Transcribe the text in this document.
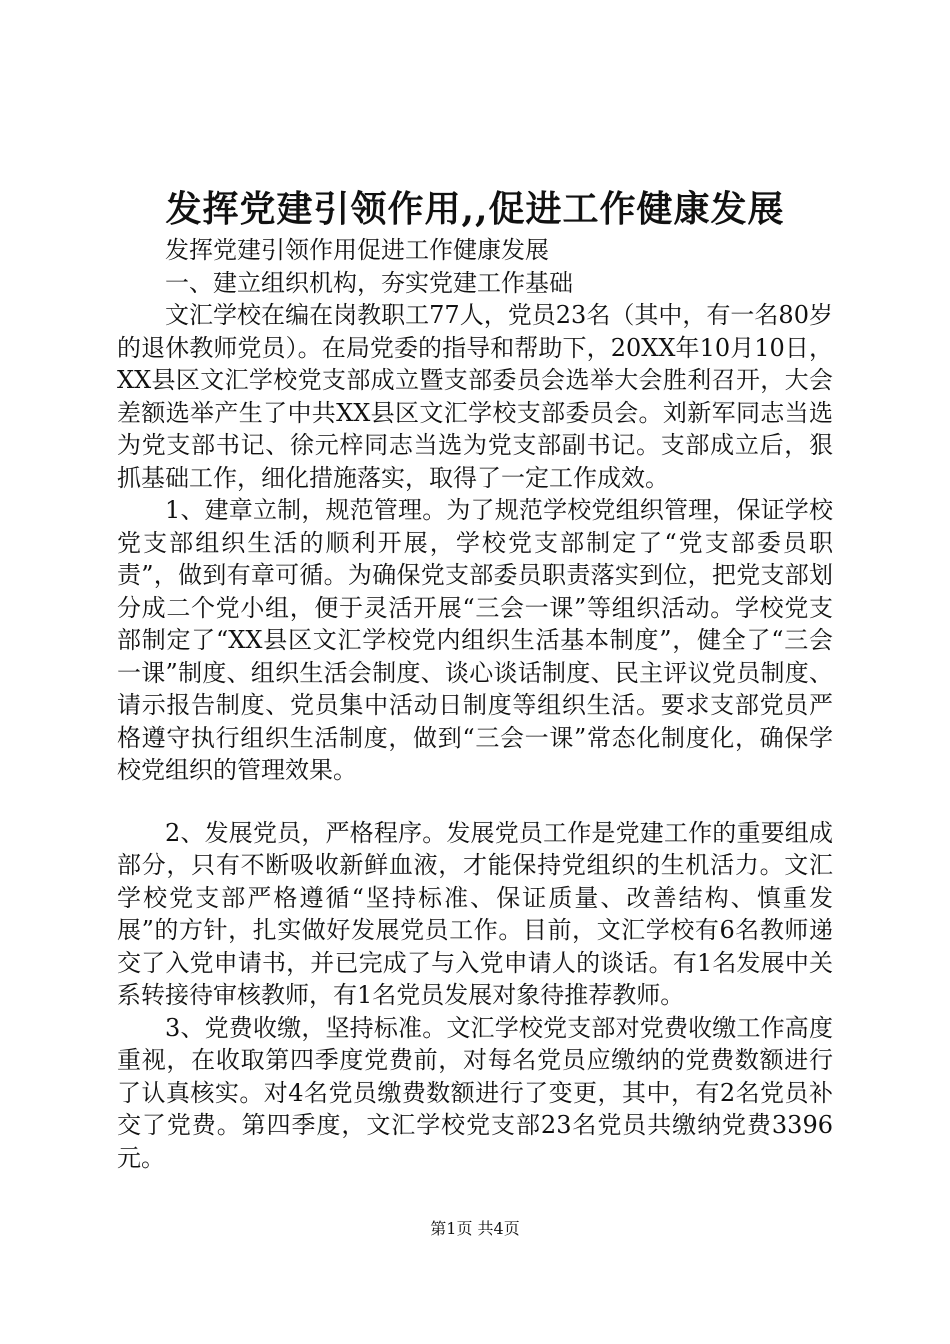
发挥党建引领作用,,促进工作健康发展

发挥党建引领作用促进工作健康发展

一、建立组织机构，夯实党建工作基础

文汇学校在编在岗教职工77人，党员23名（其中，有一名80岁的退休教师党员）。在局党委的指导和帮助下，20XX年10月10日，XX县区文汇学校党支部成立暨支部委员会选举大会胜利召开，大会差额选举产生了中共XX县区文汇学校支部委员会。刘新军同志当选为党支部书记、徐元梓同志当选为党支部副书记。支部成立后，狠抓基础工作，细化措施落实，取得了一定工作成效。

1、建章立制，规范管理。为了规范学校党组织管理，保证学校党支部组织生活的顺利开展，学校党支部制定了“党支部委员职责”，做到有章可循。为确保党支部委员职责落实到位，把党支部划分成二个党小组，便于灵活开展“三会一课”等组织活动。学校党支部制定了“XX县区文汇学校党内组织生活基本制度”，健全了“三会一课”制度、组织生活会制度、谈心谈话制度、民主评议党员制度、请示报告制度、党员集中活动日制度等组织生活。要求支部党员严格遵守执行组织生活制度，做到“三会一课”常态化制度化，确保学校党组织的管理效果。

2、发展党员，严格程序。发展党员工作是党建工作的重要组成部分，只有不断吸收新鲜血液，才能保持党组织的生机活力。文汇学校党支部严格遵循“坚持标准、保证质量、改善结构、慎重发展”的方针，扎实做好发展党员工作。目前，文汇学校有6名教师递交了入党申请书，并已完成了与入党申请人的谈话。有1名发展中关系转接待审核教师，有1名党员发展对象待推荐教师。

3、党费收缴，坚持标准。文汇学校党支部对党费收缴工作高度重视，在收取第四季度党费前，对每名党员应缴纳的党费数额进行了认真核实。对4名党员缴费数额进行了变更，其中，有2名党员补交了党费。第四季度，文汇学校党支部23名党员共缴纳党费3396元。

第1页 共4页
